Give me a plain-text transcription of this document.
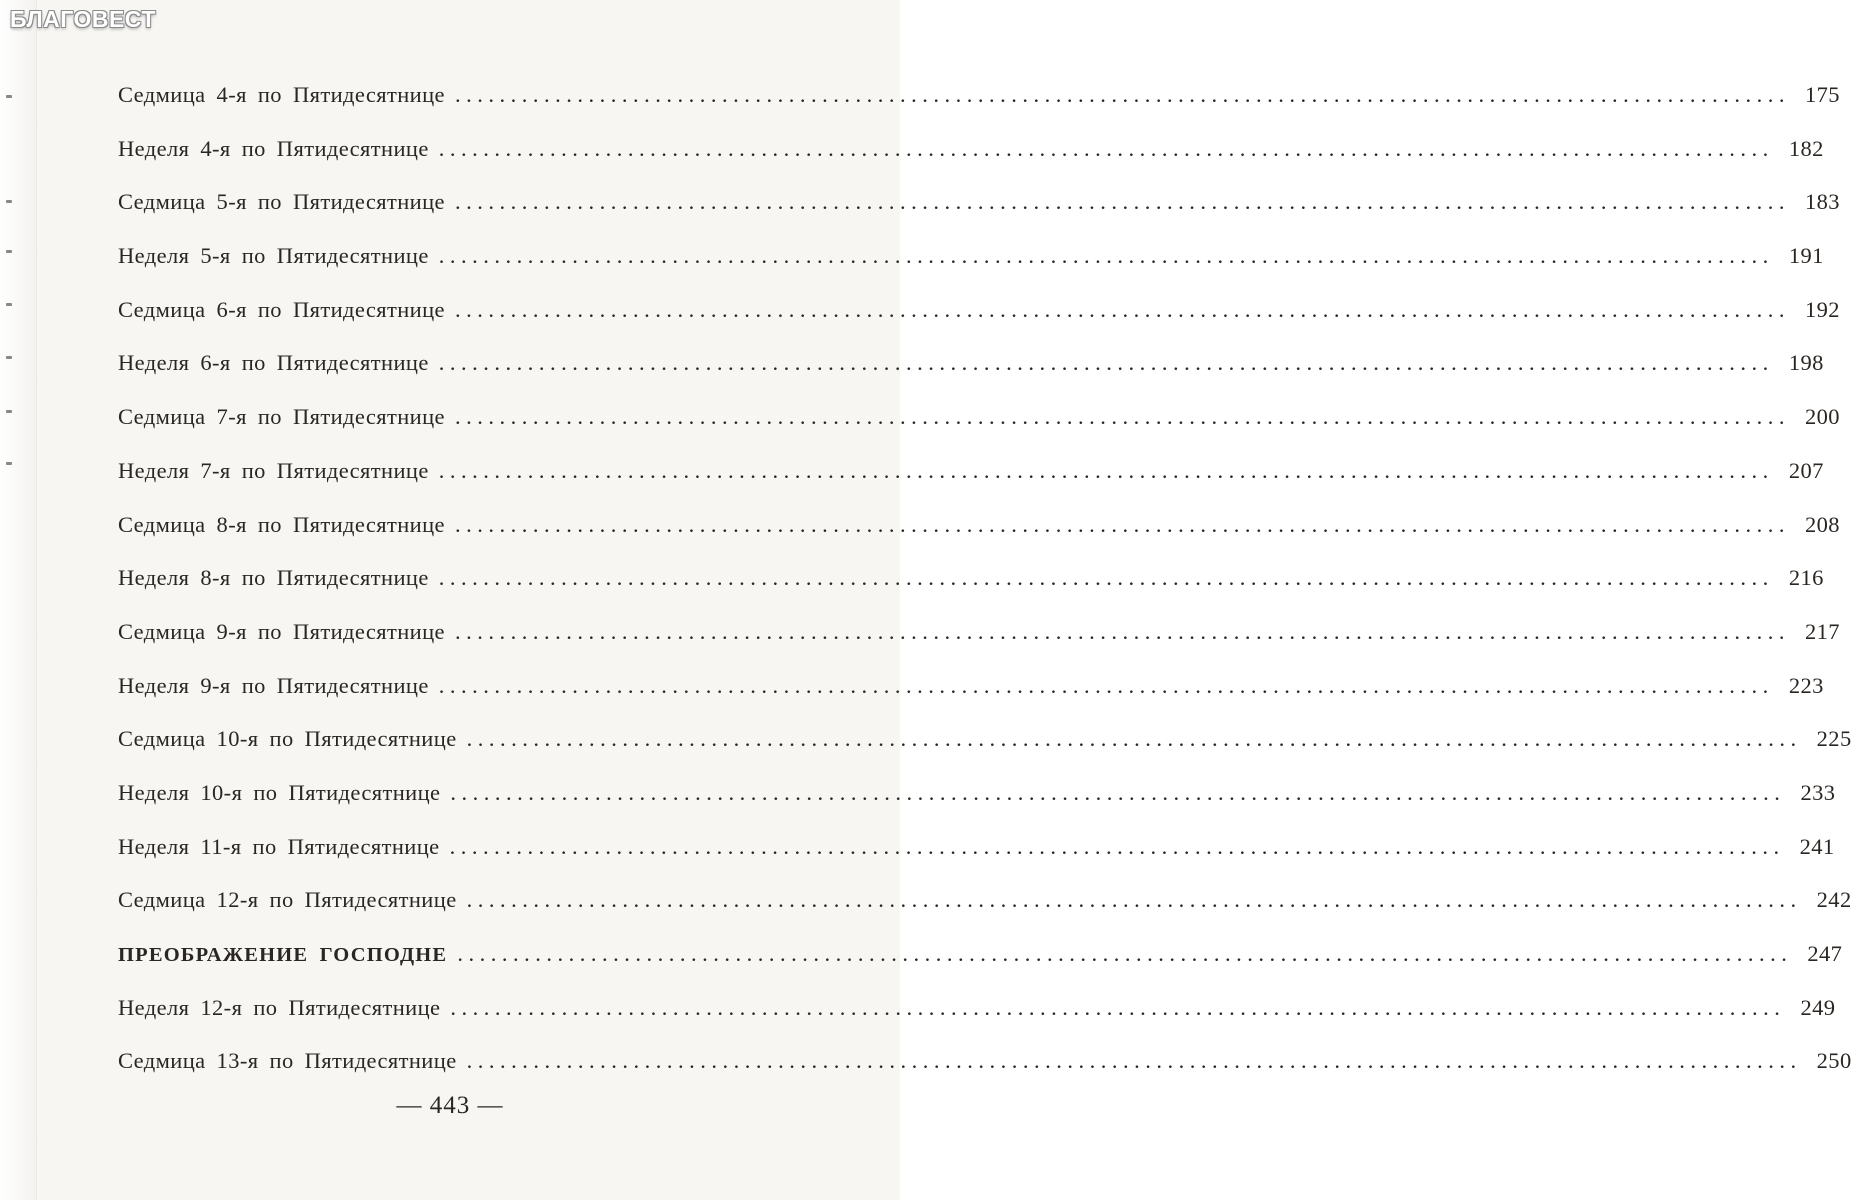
БЛАГОВЕСТ
Седмица 4-я по Пятидесятнице ........................................................................................................................ 175
Неделя 4-я по Пятидесятнице ........................................................................................................................ 182
Седмица 5-я по Пятидесятнице ........................................................................................................................ 183
Неделя 5-я по Пятидесятнице ........................................................................................................................ 191
Седмица 6-я по Пятидесятнице ........................................................................................................................ 192
Неделя 6-я по Пятидесятнице ........................................................................................................................ 198
Седмица 7-я по Пятидесятнице ........................................................................................................................ 200
Неделя 7-я по Пятидесятнице ........................................................................................................................ 207
Седмица 8-я по Пятидесятнице ........................................................................................................................ 208
Неделя 8-я по Пятидесятнице ........................................................................................................................ 216
Седмица 9-я по Пятидесятнице ........................................................................................................................ 217
Неделя 9-я по Пятидесятнице ........................................................................................................................ 223
Седмица 10-я по Пятидесятнице ........................................................................................................................ 225
Неделя 10-я по Пятидесятнице ........................................................................................................................ 233
Неделя 11-я по Пятидесятнице ........................................................................................................................ 241
Седмица 12-я по Пятидесятнице ........................................................................................................................ 242
ПРЕОБРАЖЕНИЕ ГОСПОДНЕ ........................................................................................................................ 247
Неделя 12-я по Пятидесятнице ........................................................................................................................ 249
Седмица 13-я по Пятидесятнице ........................................................................................................................ 250
— 443 —
